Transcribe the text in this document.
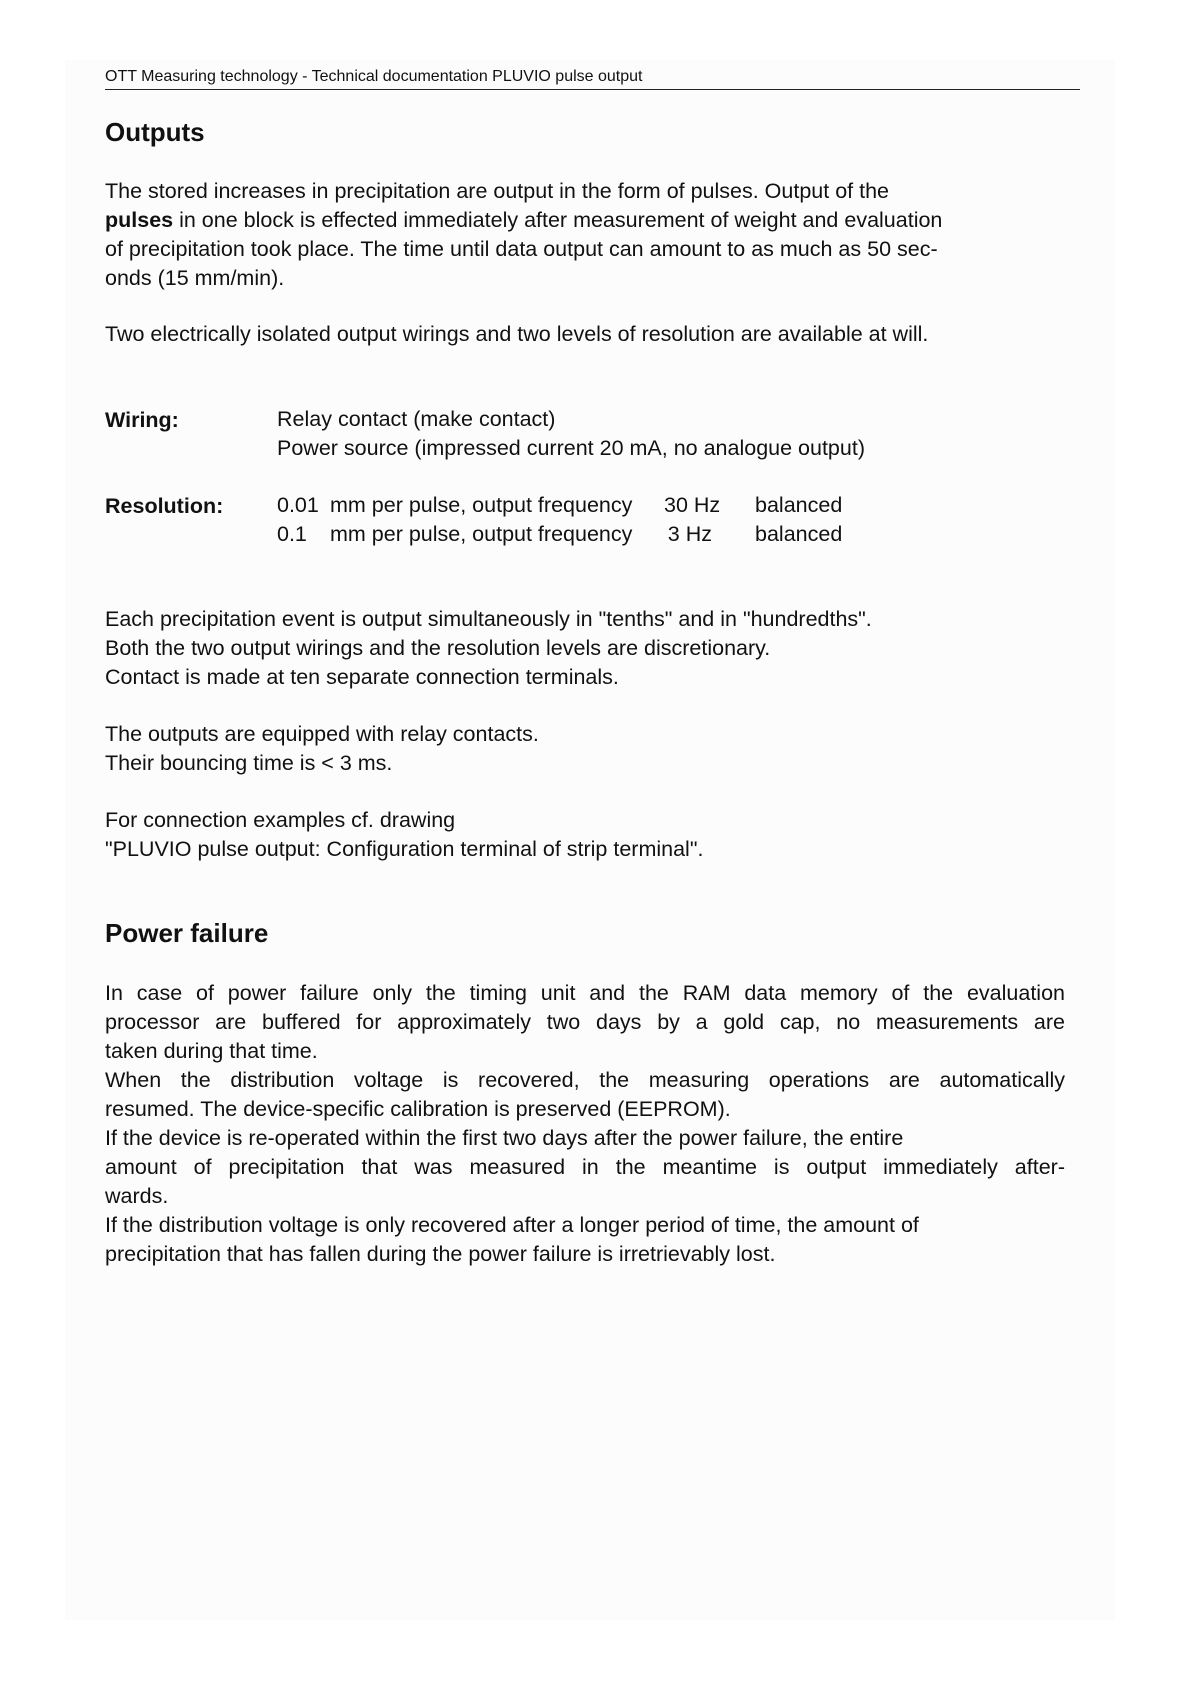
OTT Measuring technology - Technical documentation PLUVIO pulse output
Outputs

The stored increases in precipitation are output in the form of pulses. Output of the
pulses in one block is effected immediately after measurement of weight and evaluation
of precipitation took place. The time until data output can amount to as much as 50 sec-
onds (15 mm/min).

Two electrically isolated output wirings and two levels of resolution are available at will.

Wiring:	Relay contact (make contact)
Power source (impressed current 20 mA, no analogue output)
Resolution:	0.01 mm per pulse, output frequency 30 Hz balanced
0.1 mm per pulse, output frequency 3 Hz balanced

Each precipitation event is output simultaneously in "tenths" and in "hundredths".
Both the two output wirings and the resolution levels are discretionary.
Contact is made at ten separate connection terminals.

The outputs are equipped with relay contacts.
Their bouncing time is < 3 ms.

For connection examples cf. drawing
"PLUVIO pulse output: Configuration terminal of strip terminal".

Power failure

In case of power failure only the timing unit and the RAM data memory of the evaluation
processor are buffered for approximately two days by a gold cap, no measurements are
taken during that time.
When the distribution voltage is recovered, the measuring operations are automatically
resumed. The device-specific calibration is preserved (EEPROM).
If the device is re-operated within the first two days after the power failure, the entire
amount of precipitation that was measured in the meantime is output immediately after-
wards.
If the distribution voltage is only recovered after a longer period of time, the amount of
precipitation that has fallen during the power failure is irretrievably lost.
